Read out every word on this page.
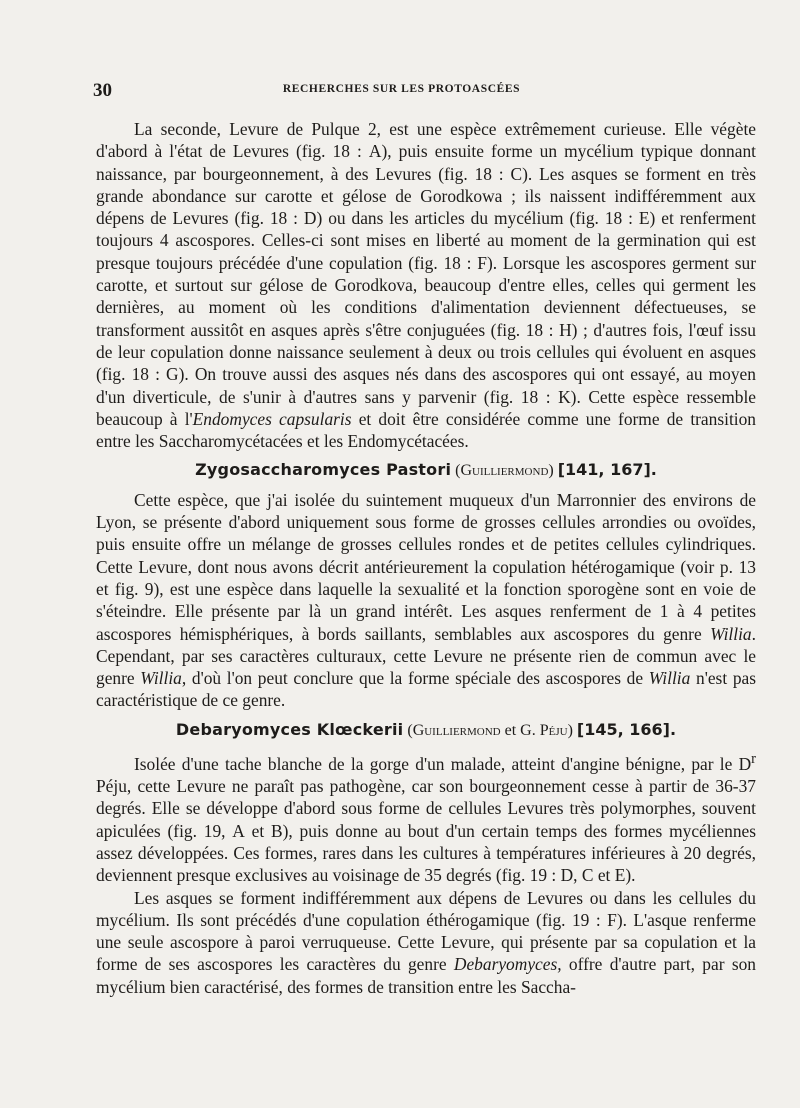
30	RECHERCHES SUR LES PROTOASCÉES

La seconde, Levure de Pulque 2, est une espèce extrêmement curieuse. Elle végète d'abord à l'état de Levures (fig. 18 : A), puis ensuite forme un mycélium typique donnant naissance, par bourgeonnement, à des Levures (fig. 18 : C). Les asques se forment en très grande abondance sur carotte et gélose de Gorodkowa ; ils naissent indifféremment aux dépens de Levures (fig. 18 : D) ou dans les articles du mycélium (fig. 18 : E) et renferment toujours 4 ascospores. Celles-ci sont mises en liberté au moment de la germination qui est presque toujours précédée d'une copulation (fig. 18 : F). Lorsque les ascospores germent sur carotte, et surtout sur gélose de Gorodkova, beaucoup d'entre elles, celles qui germent les dernières, au moment où les conditions d'alimentation deviennent défectueuses, se transforment aussitôt en asques après s'être conjuguées (fig. 18 : H) ; d'autres fois, l'œuf issu de leur copulation donne naissance seulement à deux ou trois cellules qui évoluent en asques (fig. 18 : G). On trouve aussi des asques nés dans des ascospores qui ont essayé, au moyen d'un diverticule, de s'unir à d'autres sans y parvenir (fig. 18 : K). Cette espèce ressemble beaucoup à l'Endomyces capsularis et doit être considérée comme une forme de transition entre les Saccharomycétacées et les Endomycétacées.

Zygosaccharomyces Pastori (Guilliermond) [141, 167].

Cette espèce, que j'ai isolée du suintement muqueux d'un Marronnier des environs de Lyon, se présente d'abord uniquement sous forme de grosses cellules arrondies ou ovoïdes, puis ensuite offre un mélange de grosses cellules rondes et de petites cellules cylindriques. Cette Levure, dont nous avons décrit antérieurement la copulation hétérogamique (voir p. 13 et fig. 9), est une espèce dans laquelle la sexualité et la fonction sporogène sont en voie de s'éteindre. Elle présente par là un grand intérêt. Les asques renferment de 1 à 4 petites ascospores hémisphériques, à bords saillants, semblables aux ascospores du genre Willia. Cependant, par ses caractères culturaux, cette Levure ne présente rien de commun avec le genre Willia, d'où l'on peut conclure que la forme spéciale des ascospores de Willia n'est pas caractéristique de ce genre.

Debaryomyces Klœckerii (Guilliermond et G. Péju) [145, 166].

Isolée d'une tache blanche de la gorge d'un malade, atteint d'angine bénigne, par le $D^r$ Péju, cette Levure ne paraît pas pathogène, car son bourgeonnement cesse à partir de 36-37 degrés. Elle se développe d'abord sous forme de cellules Levures très polymorphes, souvent apiculées (fig. 19, A et B), puis donne au bout d'un certain temps des formes mycéliennes assez développées. Ces formes, rares dans les cultures à températures inférieures à 20 degrés, deviennent presque exclusives au voisinage de 35 degrés (fig. 19 : D, C et E).

Les asques se forment indifféremment aux dépens de Levures ou dans les cellules du mycélium. Ils sont précédés d'une copulation éthérogamique (fig. 19 : F). L'asque renferme une seule ascospore à paroi verruqueuse. Cette Levure, qui présente par sa copulation et la forme de ses ascospores les caractères du genre Debaryomyces, offre d'autre part, par son mycélium bien caractérisé, des formes de transition entre les Saccha-
